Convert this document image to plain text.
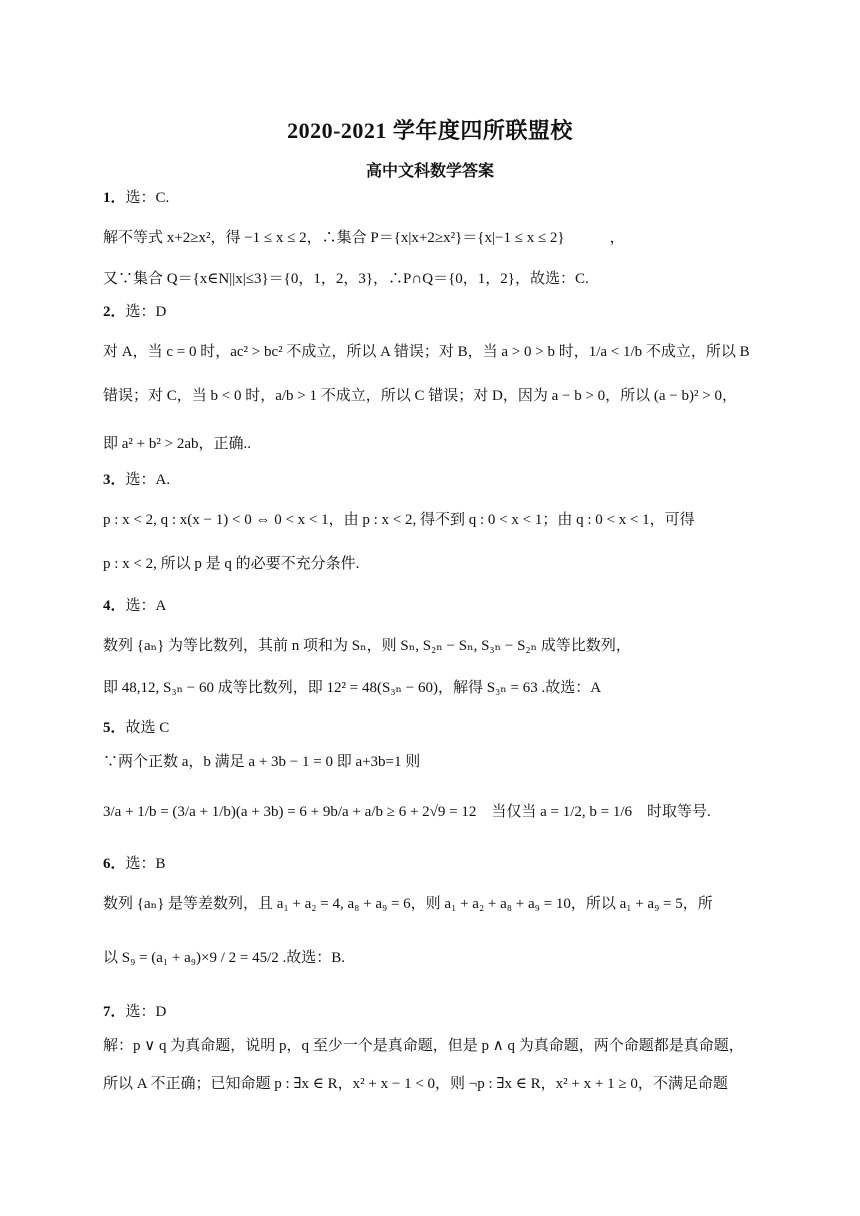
2020-2021 学年度四所联盟校
高中文科数学答案
1．选：C.
解不等式 x+2≥x²，得 −1 ≤ x ≤ 2，∴集合 P＝{x|x+2≥x²}＝{x|−1 ≤ x ≤ 2}　　　，
又∵集合 Q＝{x∈N||x|≤3}＝{0，1，2，3}，∴P∩Q＝{0，1，2}，故选：C.
2．选：D
对 A，当 c = 0 时，ac² > bc² 不成立，所以 A 错误；对 B，当 a > 0 > b 时，1/a < 1/b 不成立，所以 B
错误；对 C，当 b < 0 时，a/b > 1 不成立，所以 C 错误；对 D，因为 a − b > 0，所以 (a − b)² > 0，
即 a² + b² > 2ab，正确..
3．选：A.
p : x < 2, q : x(x − 1) < 0 ⇔ 0 < x < 1，由 p : x < 2, 得不到 q : 0 < x < 1；由 q : 0 < x < 1，可得
p : x < 2, 所以 p 是 q 的必要不充分条件.
4．选：A
数列 {aₙ} 为等比数列，其前 n 项和为 Sₙ，则 Sₙ, S₂ₙ − Sₙ, S₃ₙ − S₂ₙ 成等比数列，
即 48,12, S₃ₙ − 60 成等比数列，即 12² = 48(S₃ₙ − 60)，解得 S₃ₙ = 63 .故选：A
5．故选 C
∵两个正数 a，b 满足 a + 3b − 1 = 0 即 a+3b=1 则
3/a + 1/b = (3/a + 1/b)(a + 3b) = 6 + 9b/a + a/b ≥ 6 + 2√9 = 12　当仅当 a = 1/2, b = 1/6　时取等号.
6．选：B
数列 {aₙ} 是等差数列，且 a₁ + a₂ = 4, a₈ + a₉ = 6，则 a₁ + a₂ + a₈ + a₉ = 10，所以 a₁ + a₉ = 5，所
以 S₉ = (a₁ + a₉)×9 / 2 = 45/2 .故选：B.
7．选：D
解：p ∨ q 为真命题，说明 p，q 至少一个是真命题，但是 p ∧ q 为真命题，两个命题都是真命题，
所以 A 不正确；已知命题 p : ∃x ∈ R，x² + x − 1 < 0，则 ¬p : ∃x ∈ R，x² + x + 1 ≥ 0，不满足命题
